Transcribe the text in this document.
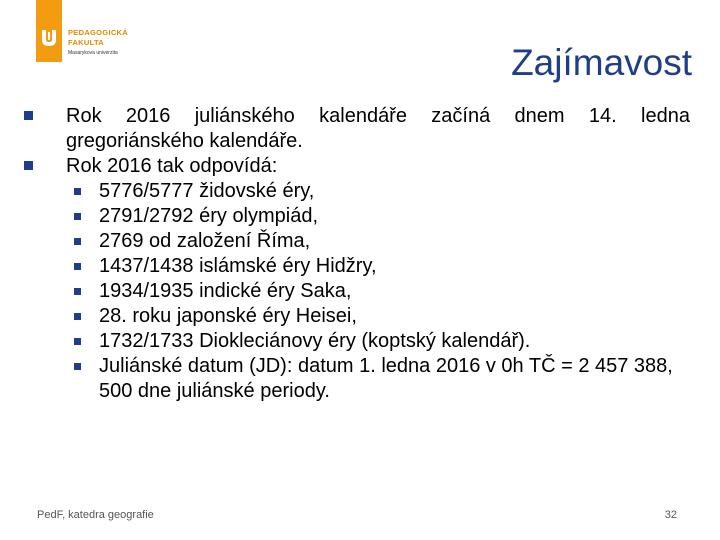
PEDAGOGICKÁ
FAKULTA
Masarykova univerzita	Zajímavost
Rok 2016 juliánského kalendáře začíná dnem 14. ledna gregoriánského kalendáře.
Rok 2016 tak odpovídá:
5776/5777 židovské éry,
2791/2792 éry olympiád,
2769 od založení Říma,
1437/1438 islámské éry Hidžry,
1934/1935 indické éry Saka,
28. roku japonské éry Heisei,
1732/1733 Diokleciánovy éry (koptský kalendář).
Juliánské datum (JD): datum 1. ledna 2016 v 0h TČ = 2 457 388, 500 dne juliánské periody.
PedF, katedra geografie	32
